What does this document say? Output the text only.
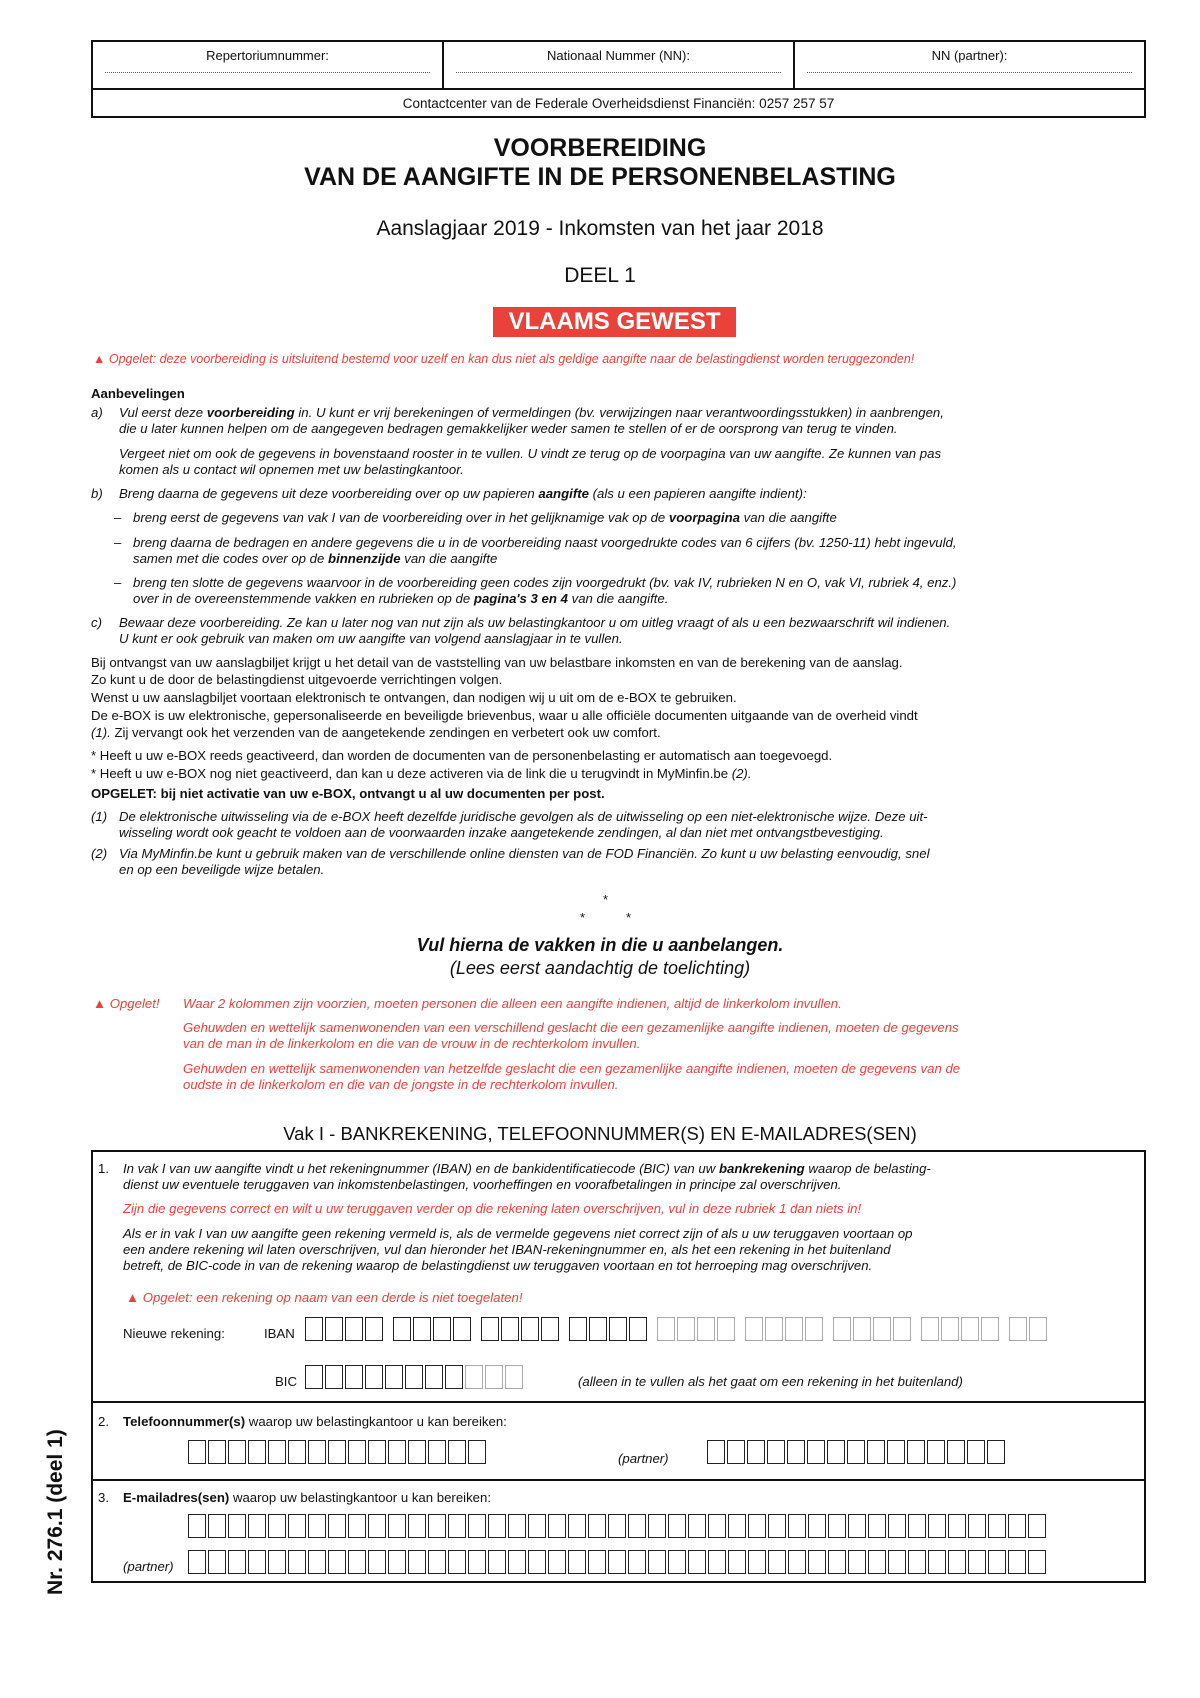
Repertoriumnummer:	Nationaal Nummer (NN):	NN (partner):
Contactcenter van de Federale Overheidsdienst Financiën: 0257 257 57
VOORBEREIDING
VAN DE AANGIFTE IN DE PERSONENBELASTING
Aanslagjaar 2019 - Inkomsten van het jaar 2018
DEEL 1
VLAAMS GEWEST
▲ Opgelet: deze voorbereiding is uitsluitend bestemd voor uzelf en kan dus niet als geldige aangifte naar de belastingdienst worden teruggezonden!
Aanbevelingen
a) Vul eerst deze voorbereiding in. U kunt er vrij berekeningen of vermeldingen (bv. verwijzingen naar verantwoordingsstukken) in aanbrengen,
die u later kunnen helpen om de aangegeven bedragen gemakkelijker weder samen te stellen of er de oorsprong van terug te vinden.
Vergeet niet om ook de gegevens in bovenstaand rooster in te vullen. U vindt ze terug op de voorpagina van uw aangifte. Ze kunnen van pas
komen als u contact wil opnemen met uw belastingkantoor.
b) Breng daarna de gegevens uit deze voorbereiding over op uw papieren aangifte (als u een papieren aangifte indient):
– breng eerst de gegevens van vak I van de voorbereiding over in het gelijknamige vak op de voorpagina van die aangifte
– breng daarna de bedragen en andere gegevens die u in de voorbereiding naast voorgedrukte codes van 6 cijfers (bv. 1250-11) hebt ingevuld,
samen met die codes over op de binnenzijde van die aangifte
– breng ten slotte de gegevens waarvoor in de voorbereiding geen codes zijn voorgedrukt (bv. vak IV, rubrieken N en O, vak VI, rubriek 4, enz.)
over in de overeenstemmende vakken en rubrieken op de pagina's 3 en 4 van die aangifte.
c) Bewaar deze voorbereiding. Ze kan u later nog van nut zijn als uw belastingkantoor u om uitleg vraagt of als u een bezwaarschrift wil indienen.
U kunt er ook gebruik van maken om uw aangifte van volgend aanslagjaar in te vullen.
Bij ontvangst van uw aanslagbiljet krijgt u het detail van de vaststelling van uw belastbare inkomsten en van de berekening van de aanslag.
Zo kunt u de door de belastingdienst uitgevoerde verrichtingen volgen.
Wenst u uw aanslagbiljet voortaan elektronisch te ontvangen, dan nodigen wij u uit om de e-BOX te gebruiken.
De e-BOX is uw elektronische, gepersonaliseerde en beveiligde brievenbus, waar u alle officiële documenten uitgaande van de overheid vindt
(1). Zij vervangt ook het verzenden van de aangetekende zendingen en verbetert ook uw comfort.
* Heeft u uw e-BOX reeds geactiveerd, dan worden de documenten van de personenbelasting er automatisch aan toegevoegd.
* Heeft u uw e-BOX nog niet geactiveerd, dan kan u deze activeren via de link die u terugvindt in MyMinfin.be (2).
OPGELET: bij niet activatie van uw e-BOX, ontvangt u al uw documenten per post.
(1) De elektronische uitwisseling via de e-BOX heeft dezelfde juridische gevolgen als de uitwisseling op een niet-elektronische wijze. Deze uit-
wisseling wordt ook geacht te voldoen aan de voorwaarden inzake aangetekende zendingen, al dan niet met ontvangstbevestiging.
(2) Via MyMinfin.be kunt u gebruik maken van de verschillende online diensten van de FOD Financiën. Zo kunt u uw belasting eenvoudig, snel
en op een beveiligde wijze betalen.
*
*	*
Vul hierna de vakken in die u aanbelangen.
(Lees eerst aandachtig de toelichting)
▲ Opgelet! Waar 2 kolommen zijn voorzien, moeten personen die alleen een aangifte indienen, altijd de linkerkolom invullen.
Gehuwden en wettelijk samenwonenden van een verschillend geslacht die een gezamenlijke aangifte indienen, moeten de gegevens
van de man in de linkerkolom en die van de vrouw in de rechterkolom invullen.
Gehuwden en wettelijk samenwonenden van hetzelfde geslacht die een gezamenlijke aangifte indienen, moeten de gegevens van de
oudste in de linkerkolom en die van de jongste in de rechterkolom invullen.
Vak I - BANKREKENING, TELEFOONNUMMER(S) EN E-MAILADRES(SEN)
1. In vak I van uw aangifte vindt u het rekeningnummer (IBAN) en de bankidentificatiecode (BIC) van uw bankrekening waarop de belasting-
dienst uw eventuele teruggaven van inkomstenbelastingen, voorheffingen en voorafbetalingen in principe zal overschrijven.
Zijn die gegevens correct en wilt u uw teruggaven verder op die rekening laten overschrijven, vul in deze rubriek 1 dan niets in!
Als er in vak I van uw aangifte geen rekening vermeld is, als de vermelde gegevens niet correct zijn of als u uw teruggaven voortaan op
een andere rekening wil laten overschrijven, vul dan hieronder het IBAN-rekeningnummer en, als het een rekening in het buitenland
betreft, de BIC-code in van de rekening waarop de belastingdienst uw teruggaven voortaan en tot herroeping mag overschrijven.
▲ Opgelet: een rekening op naam van een derde is niet toegelaten!
Nieuwe rekening:	IBAN
BIC	(alleen in te vullen als het gaat om een rekening in het buitenland)
2. Telefoonnummer(s) waarop uw belastingkantoor u kan bereiken:
(partner)
3. E-mailadres(sen) waarop uw belastingkantoor u kan bereiken:
(partner)
Nr. 276.1 (deel 1)
